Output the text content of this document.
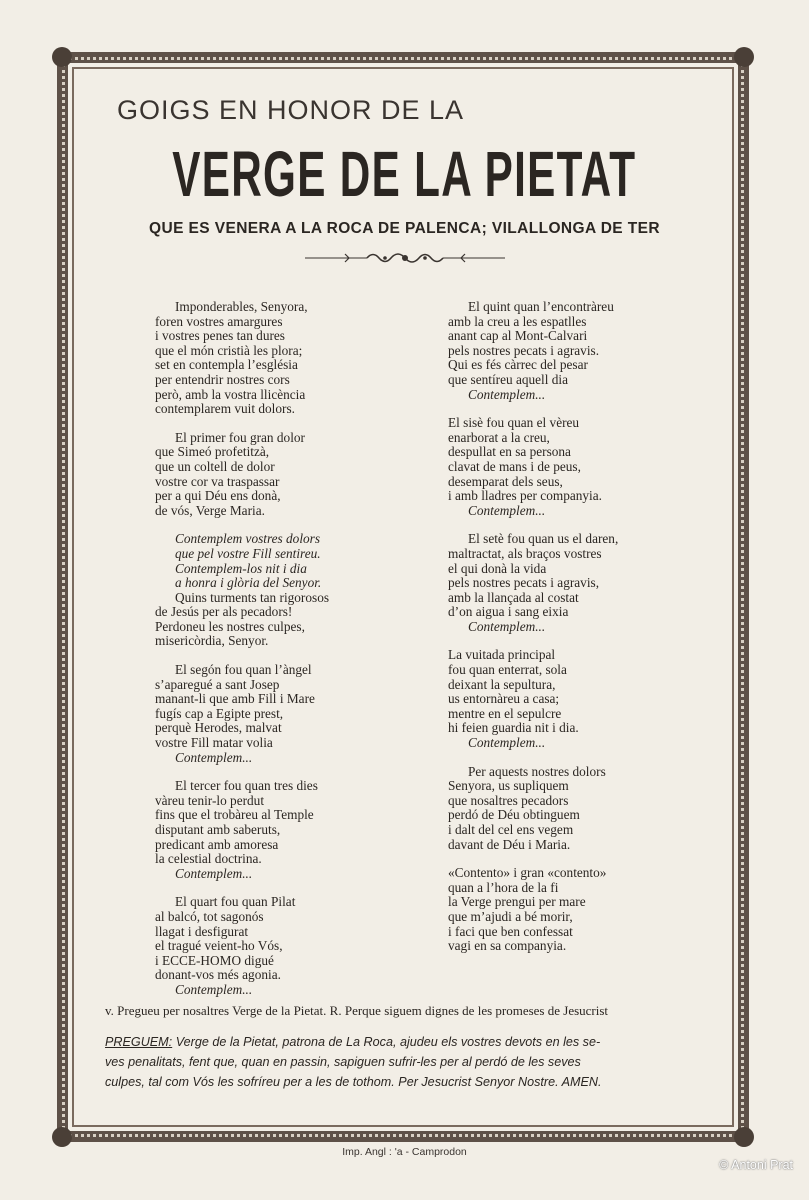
GOIGS EN HONOR DE LA
VERGE DE LA PIETAT
QUE ES VENERA A LA ROCA DE PALENCA; VILALLONGA DE TER
Imponderables, Senyora,
foren vostres amargures
i vostres penes tan dures
que el món cristià les plora;
set en contempla l’església
per entendrir nostres cors
però, amb la vostra llicència
contemplarem vuit dolors.
El primer fou gran dolor
que Simeó profetitzà,
que un coltell de dolor
vostre cor va traspassar
per a qui Déu ens donà,
de vós, Verge Maria.
Contemplem vostres dolors
que pel vostre Fill sentireu.
Contemplem-los nit i dia
a honra i glòria del Senyor.
Quins turments tan rigorosos
de Jesús per als pecadors!
Perdoneu les nostres culpes,
misericòrdia, Senyor.
El segón fou quan l’àngel
s’aparegué a sant Josep
manant-li que amb Fill i Mare
fugís cap a Egipte prest,
perquè Herodes, malvat
vostre Fill matar volia
Contemplem...
El tercer fou quan tres dies
vàreu tenir-lo perdut
fins que el trobàreu al Temple
disputant amb saberuts,
predicant amb amoresa
la celestial doctrina.
Contemplem...
El quart fou quan Pilat
al balcó, tot sagonós
llagat i desfigurat
el tragué veient-ho Vós,
i ECCE-HOMO digué
donant-vos més agonia.
Contemplem...
El quint quan l’encontràreu
amb la creu a les espatlles
anant cap al Mont-Calvari
pels nostres pecats i agravis.
Qui es fés càrrec del pesar
que sentíreu aquell dia
Contemplem...
El sisè fou quan el vèreu
enarborat a la creu,
despullat en sa persona
clavat de mans i de peus,
desemparat dels seus,
i amb lladres per companyia.
Contemplem...
El setè fou quan us el daren,
maltractat, als braços vostres
el qui donà la vida
pels nostres pecats i agravis,
amb la llançada al costat
d’on aigua i sang eixia
Contemplem...
La vuitada principal
fou quan enterrat, sola
deixant la sepultura,
us entornàreu a casa;
mentre en el sepulcre
hi feien guardia nit i dia.
Contemplem...
Per aquests nostres dolors
Senyora, us supliquem
que nosaltres pecadors
perdó de Déu obtinguem
i dalt del cel ens vegem
davant de Déu i Maria.
«Contento» i gran «contento»
quan a l’hora de la fi
la Verge prengui per mare
que m’ajudi a bé morir,
i faci que ben confessat
vagi en sa companyia.
v. Pregueu per nosaltres Verge de la Pietat. R. Perque siguem dignes de les promeses de Jesucrist
PREGUEM: Verge de la Pietat, patrona de La Roca, ajudeu els vostres devots en les se-
ves penalitats, fent que, quan en passin, sapiguen sufrir-les per al perdó de les seves
culpes, tal com Vós les sofríreu per a les de tothom. Per Jesucrist Senyor Nostre. AMEN.
Imp. Angl : 'a - Camprodon
© Antoni Prat
